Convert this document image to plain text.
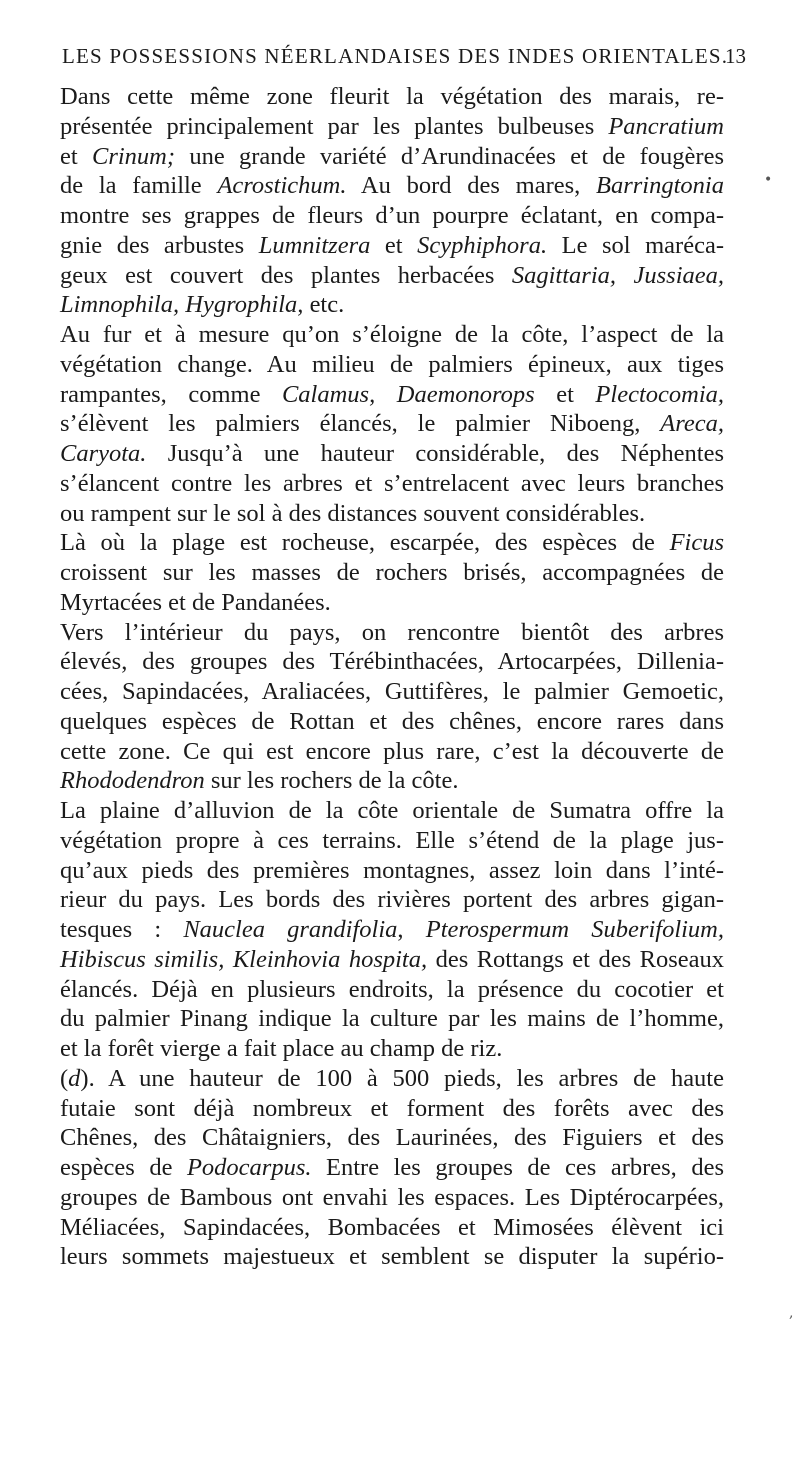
LES POSSESSIONS NÉERLANDAISES DES INDES ORIENTALES.
13
•
,
Dans cette même zone fleurit la végétation des marais, re-
présentée principalement par les plantes bulbeuses Pancratium
et Crinum; une grande variété d’Arundinacées et de fougères
de la famille Acrostichum. Au bord des mares, Barringtonia
montre ses grappes de fleurs d’un pourpre éclatant, en compa-
gnie des arbustes Lumnitzera et Scyphiphora. Le sol maréca-
geux est couvert des plantes herbacées Sagittaria, Jussiaea,
Limnophila, Hygrophila, etc.
Au fur et à mesure qu’on s’éloigne de la côte, l’aspect de la
végétation change. Au milieu de palmiers épineux, aux tiges
rampantes, comme Calamus, Daemonorops et Plectocomia,
s’élèvent les palmiers élancés, le palmier Niboeng, Areca,
Caryota. Jusqu’à une hauteur considérable, des Néphentes
s’élancent contre les arbres et s’entrelacent avec leurs branches
ou rampent sur le sol à des distances souvent considérables.
Là où la plage est rocheuse, escarpée, des espèces de Ficus
croissent sur les masses de rochers brisés, accompagnées de
Myrtacées et de Pandanées.
Vers l’intérieur du pays, on rencontre bientôt des arbres
élevés, des groupes des Térébinthacées, Artocarpées, Dillenia-
cées, Sapindacées, Araliacées, Guttifères, le palmier Gemoetic,
quelques espèces de Rottan et des chênes, encore rares dans
cette zone. Ce qui est encore plus rare, c’est la découverte de
Rhododendron sur les rochers de la côte.
La plaine d’alluvion de la côte orientale de Sumatra offre la
végétation propre à ces terrains. Elle s’étend de la plage jus-
qu’aux pieds des premières montagnes, assez loin dans l’inté-
rieur du pays. Les bords des rivières portent des arbres gigan-
tesques : Nauclea grandifolia, Pterospermum Suberifolium,
Hibiscus similis, Kleinhovia hospita, des Rottangs et des Roseaux
élancés. Déjà en plusieurs endroits, la présence du cocotier et
du palmier Pinang indique la culture par les mains de l’homme,
et la forêt vierge a fait place au champ de riz.
(d). A une hauteur de 100 à 500 pieds, les arbres de haute
futaie sont déjà nombreux et forment des forêts avec des
Chênes, des Châtaigniers, des Laurinées, des Figuiers et des
espèces de Podocarpus. Entre les groupes de ces arbres, des
groupes de Bambous ont envahi les espaces. Les Diptérocarpées,
Méliacées, Sapindacées, Bombacées et Mimosées élèvent ici
leurs sommets majestueux et semblent se disputer la supério-
